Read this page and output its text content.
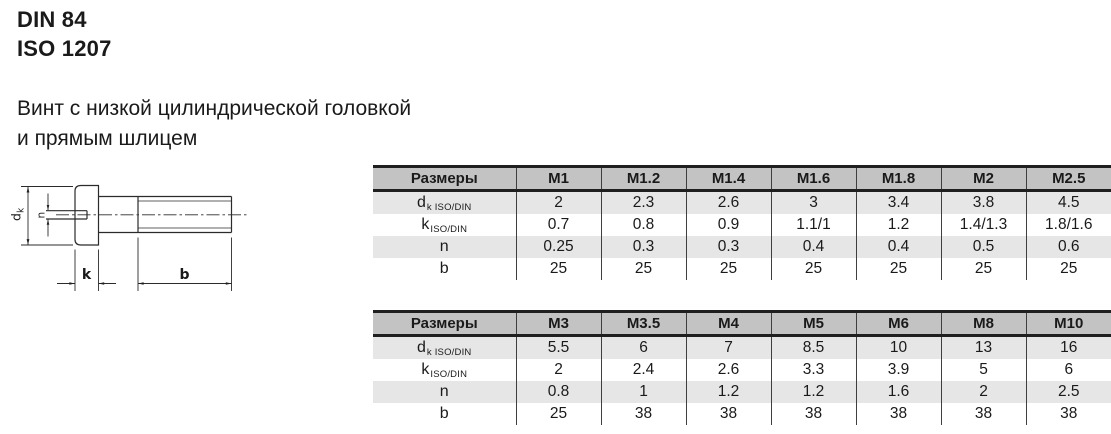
DIN 84
ISO 1207
Винт с низкой цилиндрической головкой
и прямым шлицем
d
k
n
k	b
Размеры	M1	M1.2	M1.4	M1.6	M1.8	M2	M2.5
dk ISO/DIN	2	2.3	2.6	3	3.4	3.8	4.5
kISO/DIN	0.7	0.8	0.9	1.1/1	1.2	1.4/1.3	1.8/1.6
n	0.25	0.3	0.3	0.4	0.4	0.5	0.6
b	25	25	25	25	25	25	25
Размеры	M3	M3.5	M4	M5	M6	M8	M10
dk ISO/DIN	5.5	6	7	8.5	10	13	16
kISO/DIN	2	2.4	2.6	3.3	3.9	5	6
n	0.8	1	1.2	1.2	1.6	2	2.5
b	25	38	38	38	38	38	38
